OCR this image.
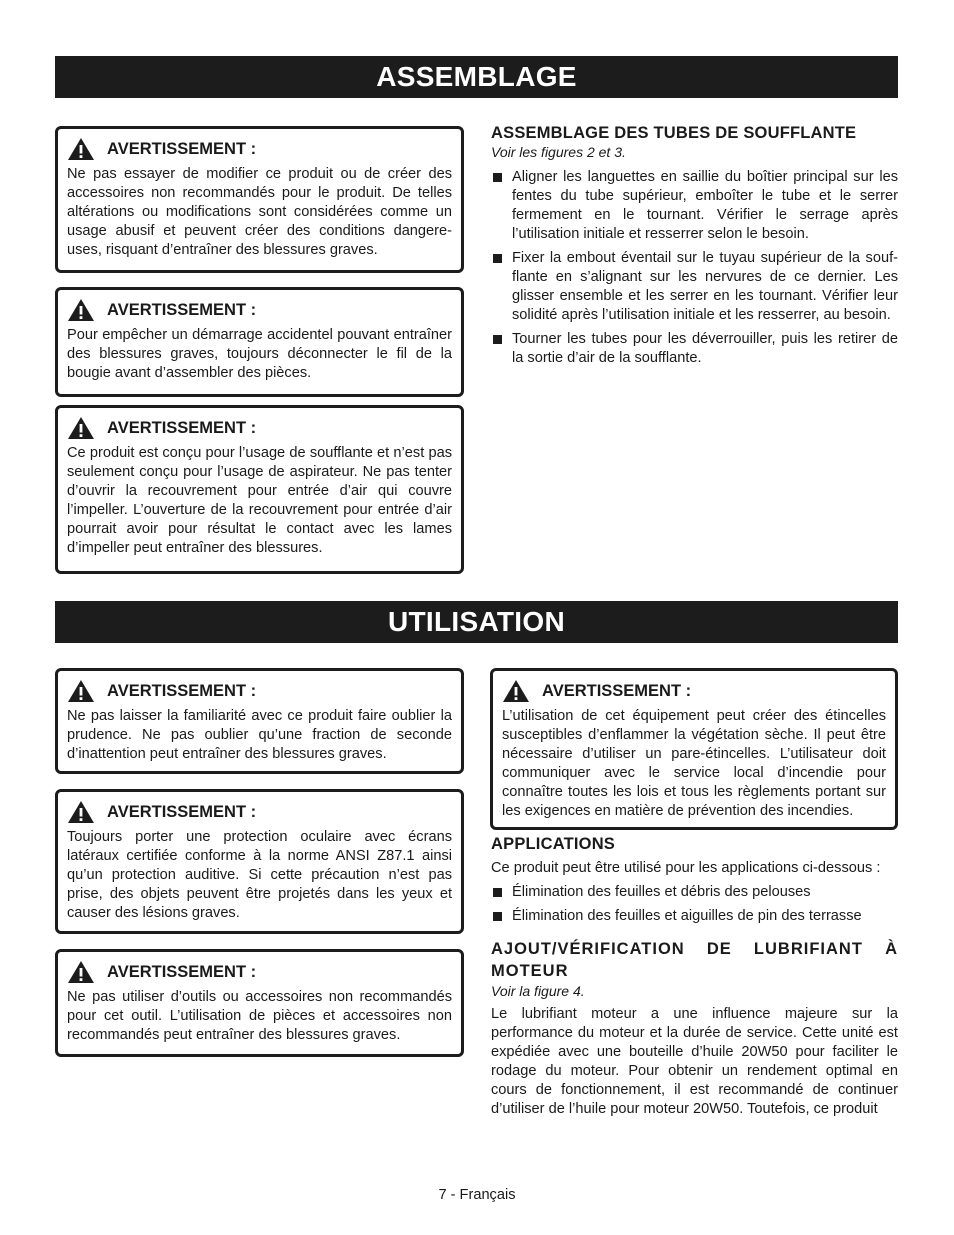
ASSEMBLAGE
AVERTISSEMENT :
Ne pas essayer de modifier ce produit ou de créer des accessoires non recommandés pour le produit. De telles altérations ou modifications sont considérées comme un usage abusif et peuvent créer des conditions dangere-uses, risquant d’entraîner des blessures graves.
AVERTISSEMENT :
Pour empêcher un démarrage accidentel pouvant entraîner des blessures graves, toujours déconnecter le fil de la bougie avant d’assembler des pièces.
AVERTISSEMENT :
Ce produit est conçu pour l’usage de soufflante et n’est pas seulement conçu pour l’usage de aspirateur. Ne pas tenter d’ouvrir la recouvrement pour entrée d’air qui couvre l’impeller. L’ouverture de la recouvrement pour entrée d’air pourrait avoir pour résultat le contact avec les lames d’impeller peut entraîner des blessures.
ASSEMBLAGE DES TUBES DE SOUFFLANTE
Voir les figures 2 et 3.
Aligner les languettes en saillie du boîtier principal sur les fentes du tube supérieur, emboîter le tube et le serrer fermement en le tournant. Vérifier le serrage après l’utilisation initiale et resserrer selon le besoin.
Fixer la embout éventail sur le tuyau supérieur de la souf-flante en s’alignant sur les nervures de ce dernier. Les glisser ensemble et les serrer en les tournant. Vérifier leur solidité après l’utilisation initiale et les resserrer, au besoin.
Tourner les tubes pour les déverrouiller, puis les retirer de la sortie d’air de la soufflante.
UTILISATION
AVERTISSEMENT :
Ne pas laisser la familiarité avec ce produit faire oublier la prudence. Ne pas oublier qu’une fraction de seconde d’inattention peut entraîner des blessures graves.
AVERTISSEMENT :
Toujours porter une protection oculaire avec écrans latéraux certifiée conforme à la norme ANSI Z87.1 ainsi qu’un protection auditive. Si cette précaution n’est pas prise, des objets peuvent être projetés dans les yeux et causer des lésions graves.
AVERTISSEMENT :
Ne pas utiliser d’outils ou accessoires non recommandés pour cet outil. L’utilisation de pièces et accessoires non recommandés peut entraîner des blessures graves.
AVERTISSEMENT :
L’utilisation de cet équipement peut créer des étincelles susceptibles d’enflammer la végétation sèche. Il peut être nécessaire d’utiliser un pare-étincelles. L’utilisateur doit communiquer avec le service local d’incendie pour connaître toutes les lois et tous les règlements portant sur les exigences en matière de prévention des incendies.
APPLICATIONS
Ce produit peut être utilisé pour les applications ci-dessous :
Élimination des feuilles et débris des pelouses
Élimination des feuilles et aiguilles de pin des terrasse
AJOUT/VÉRIFICATION DE LUBRIFIANT À MOTEUR
Voir la figure 4.
Le lubrifiant moteur a une influence majeure sur la performance du moteur et la durée de service. Cette unité est expédiée avec une bouteille d’huile 20W50 pour faciliter le rodage du moteur. Pour obtenir un rendement optimal en cours de fonctionnement, il est recommandé de continuer d’utiliser de l’huile pour moteur 20W50. Toutefois, ce produit
7 - Français
